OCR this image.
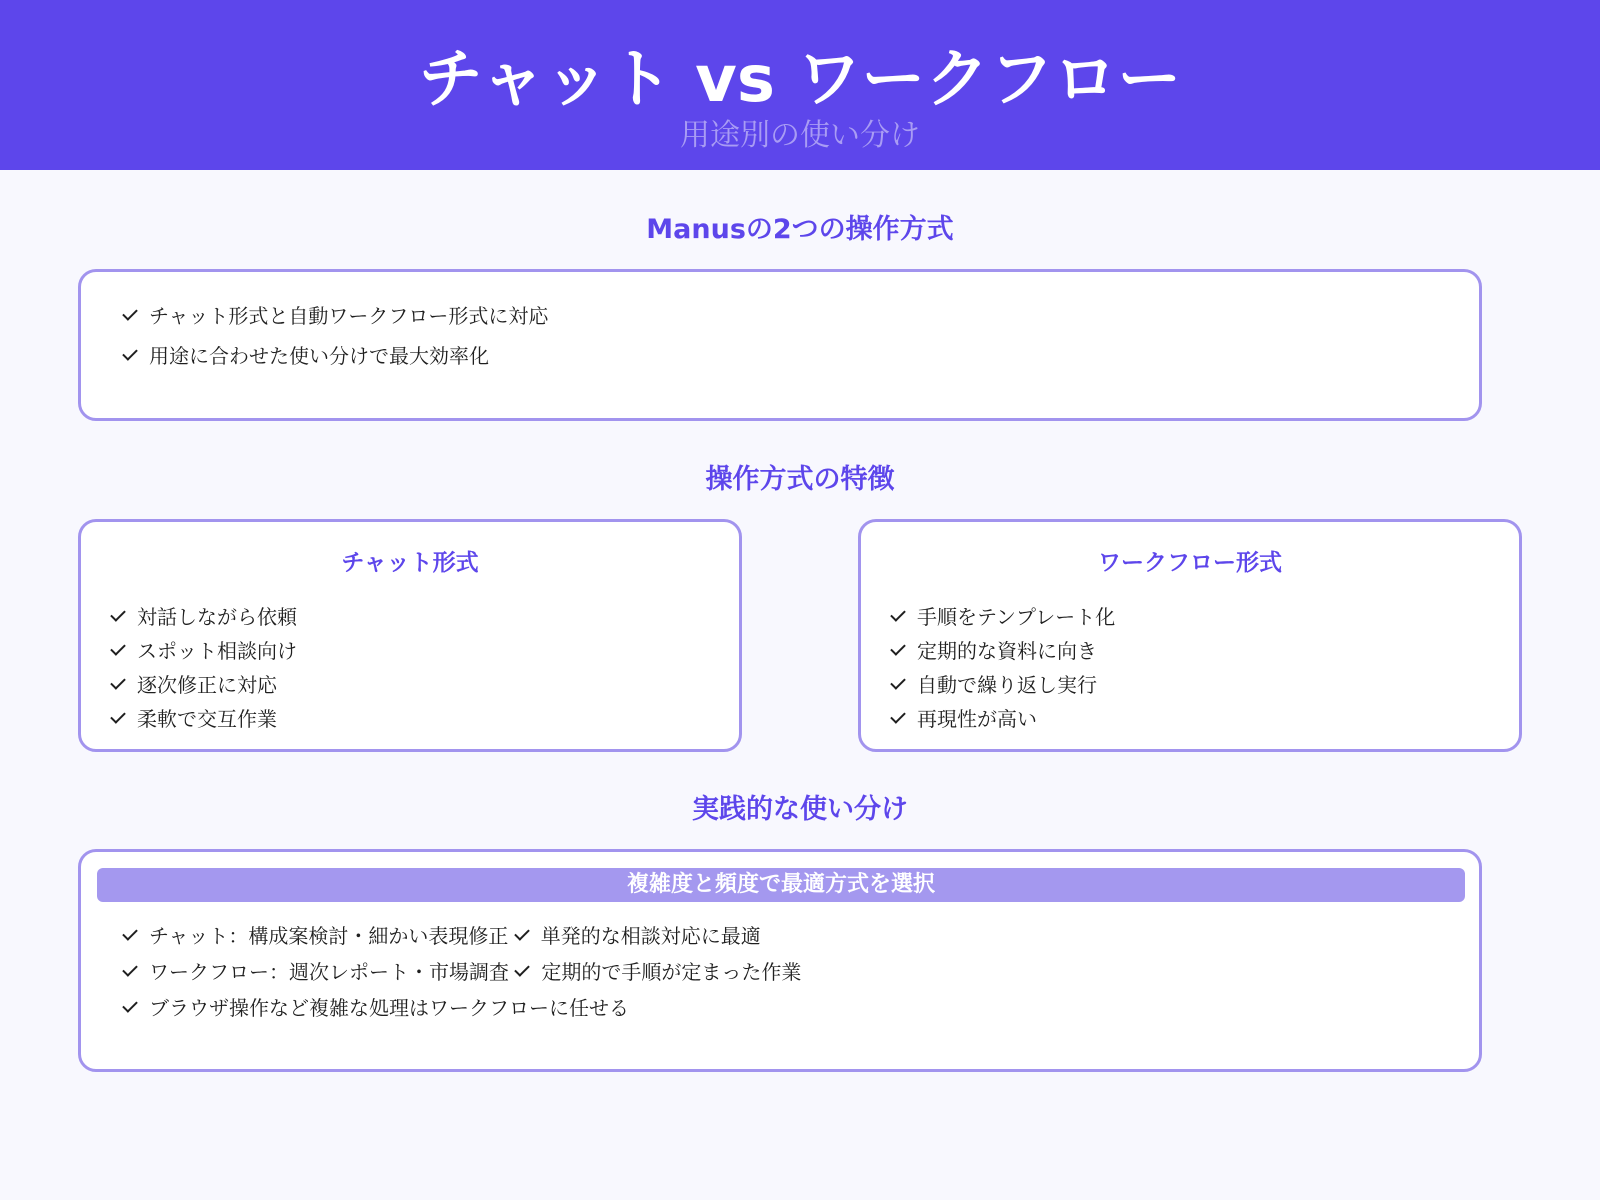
チャット vs ワークフロー
用途別の使い分け
Manusの2つの操作方式
チャット形式と自動ワークフロー形式に対応
用途に合わせた使い分けで最大効率化
操作方式の特徴
チャット形式
対話しながら依頼
スポット相談向け
逐次修正に対応
柔軟で交互作業
ワークフロー形式
手順をテンプレート化
定期的な資料に向き
自動で繰り返し実行
再現性が高い
実践的な使い分け
複雑度と頻度で最適方式を選択
チャット：構成案検討・細かい表現修正 単発的な相談対応に最適
ワークフロー：週次レポート・市場調査 定期的で手順が定まった作業
ブラウザ操作など複雑な処理はワークフローに任せる
